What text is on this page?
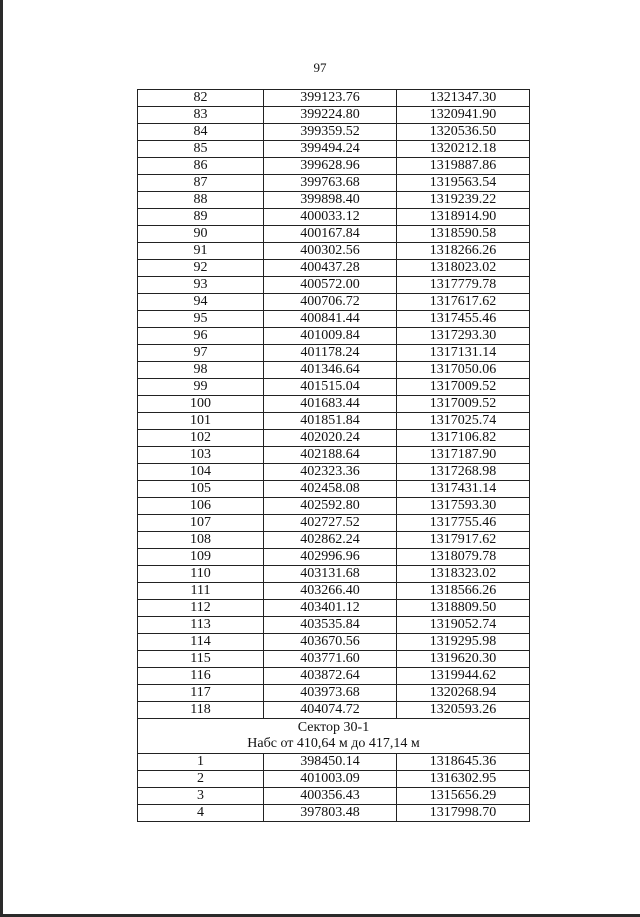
97
82	399123.76	1321347.30
83	399224.80	1320941.90
84	399359.52	1320536.50
85	399494.24	1320212.18
86	399628.96	1319887.86
87	399763.68	1319563.54
88	399898.40	1319239.22
89	400033.12	1318914.90
90	400167.84	1318590.58
91	400302.56	1318266.26
92	400437.28	1318023.02
93	400572.00	1317779.78
94	400706.72	1317617.62
95	400841.44	1317455.46
96	401009.84	1317293.30
97	401178.24	1317131.14
98	401346.64	1317050.06
99	401515.04	1317009.52
100	401683.44	1317009.52
101	401851.84	1317025.74
102	402020.24	1317106.82
103	402188.64	1317187.90
104	402323.36	1317268.98
105	402458.08	1317431.14
106	402592.80	1317593.30
107	402727.52	1317755.46
108	402862.24	1317917.62
109	402996.96	1318079.78
110	403131.68	1318323.02
111	403266.40	1318566.26
112	403401.12	1318809.50
113	403535.84	1319052.74
114	403670.56	1319295.98
115	403771.60	1319620.30
116	403872.64	1319944.62
117	403973.68	1320268.94
118	404074.72	1320593.26

Сектор 30-1
Набс от 410,64 м до 417,14 м		

1	398450.14	1318645.36
2	401003.09	1316302.95
3	400356.43	1315656.29
4	397803.48	1317998.70
